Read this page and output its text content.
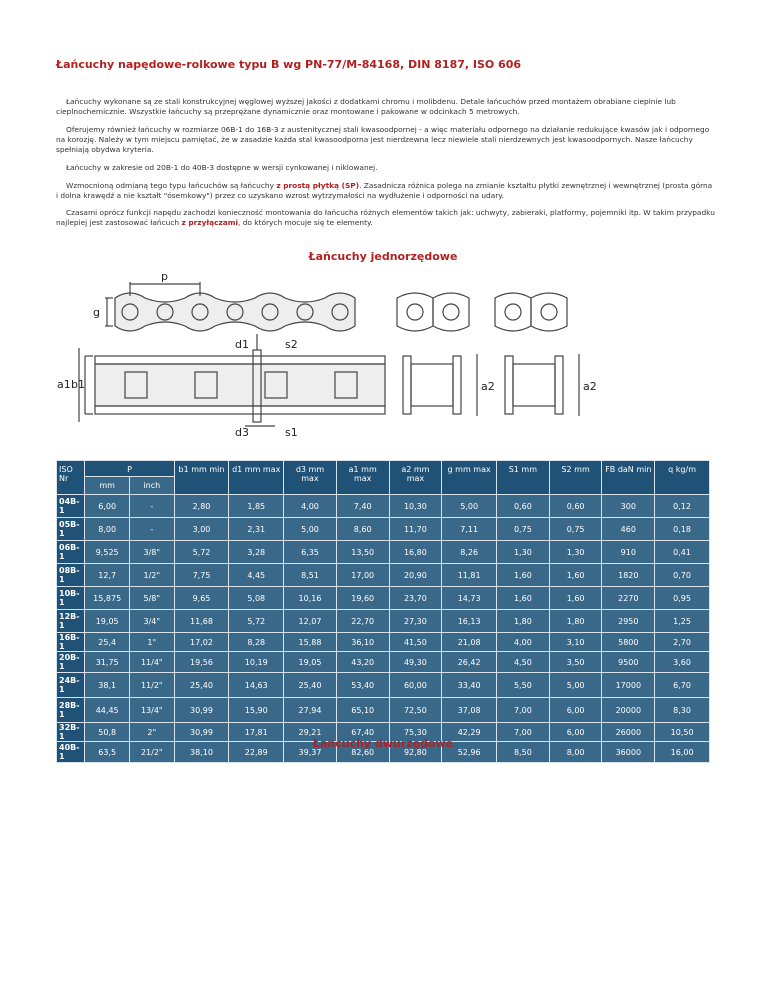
Łańcuchy napędowe-rolkowe typu B wg PN-77/M-84168, DIN 8187, ISO 606

Łańcuchy wykonane są ze stali konstrukcyjnej węglowej wyższej jakości z dodatkami chromu i molibdenu. Detale łańcuchów przed montażem obrabiane cieplnie lub cieplnochemicznie. Wszystkie łańcuchy są przeprężane dynamicznie oraz montowane i pakowane w odcinkach 5 metrowych.

Oferujemy również łańcuchy w rozmiarze 06B-1 do 16B-3 z austenitycznej stali kwasoodpornej - a więc materiału odpornego na działanie redukujące kwasów jak i odpornego na korozję. Należy w tym miejscu pamiętać, że w zasadzie każda stal kwasoodporna jest nierdzewna lecz niewiele stali nierdzewnych jest kwasoodpornych. Nasze łańcuchy spełniają obydwa kryteria.

Łańcuchy w zakresie od 20B-1 do 40B-3 dostępne w wersji cynkowanej i niklowanej.

Wzmocnioną odmianą tego typu łańcuchów są łańcuchy z prostą płytką (SP). Zasadnicza różnica polega na zmianie kształtu płytki zewnętrznej i wewnętrznej (prosta górna i dolna krawędź a nie kształt "ósemkowy") przez co uzyskano wzrost wytrzymałości na wydłużenie i odporności na udary.

Czasami oprócz funkcji napędu zachodzi konieczność montowania do łańcucha różnych elementów takich jak: uchwyty, zabieraki, platformy, pojemniki itp. W takim przypadku najlepiej jest zastosować łańcuch z przyłączami, do których mocuje się te elementy.

Łańcuchy jednorzędowe
p
g
d1
d3
s2
s1
b1
a1	a2	a2
ISO Nr	P		b1 mm min	d1 mm max	d3 mm max	a1 mm max	a2 mm max	g mm max	S1 mm	S2 mm	FB daN min	q kg/m
	mm	inch										
04B-1	6,00	-	2,80	1,85	4,00	7,40	10,30	5,00	0,60	0,60	300	0,12
05B-1	8,00	-	3,00	2,31	5,00	8,60	11,70	7,11	0,75	0,75	460	0,18
06B-1	9,525	3/8"	5,72	3,28	6,35	13,50	16,80	8,26	1,30	1,30	910	0,41
08B-1	12,7	1/2"	7,75	4,45	8,51	17,00	20,90	11,81	1,60	1,60	1820	0,70
10B-1	15,875	5/8"	9,65	5,08	10,16	19,60	23,70	14,73	1,60	1,60	2270	0,95
12B-1	19,05	3/4"	11,68	5,72	12,07	22,70	27,30	16,13	1,80	1,80	2950	1,25
16B-1	25,4	1"	17,02	8,28	15,88	36,10	41,50	21,08	4,00	3,10	5800	2,70
20B-1	31,75	11/4"	19,56	10,19	19,05	43,20	49,30	26,42	4,50	3,50	9500	3,60
24B-1	38,1	11/2"	25,40	14,63	25,40	53,40	60,00	33,40	5,50	5,00	17000	6,70
28B-1	44,45	13/4"	30,99	15,90	27,94	65,10	72,50	37,08	7,00	6,00	20000	8,30
32B-1	50,8	2"	30,99	17,81	29,21	67,40	75,30	42,29	7,00	6,00	26000	10,50
40B-1	63,5	21/2"	38,10	22,89	39,37	82,60	92,80	52,96	8,50	8,00	36000	16,00
Łańcuchy dwurzędowe
